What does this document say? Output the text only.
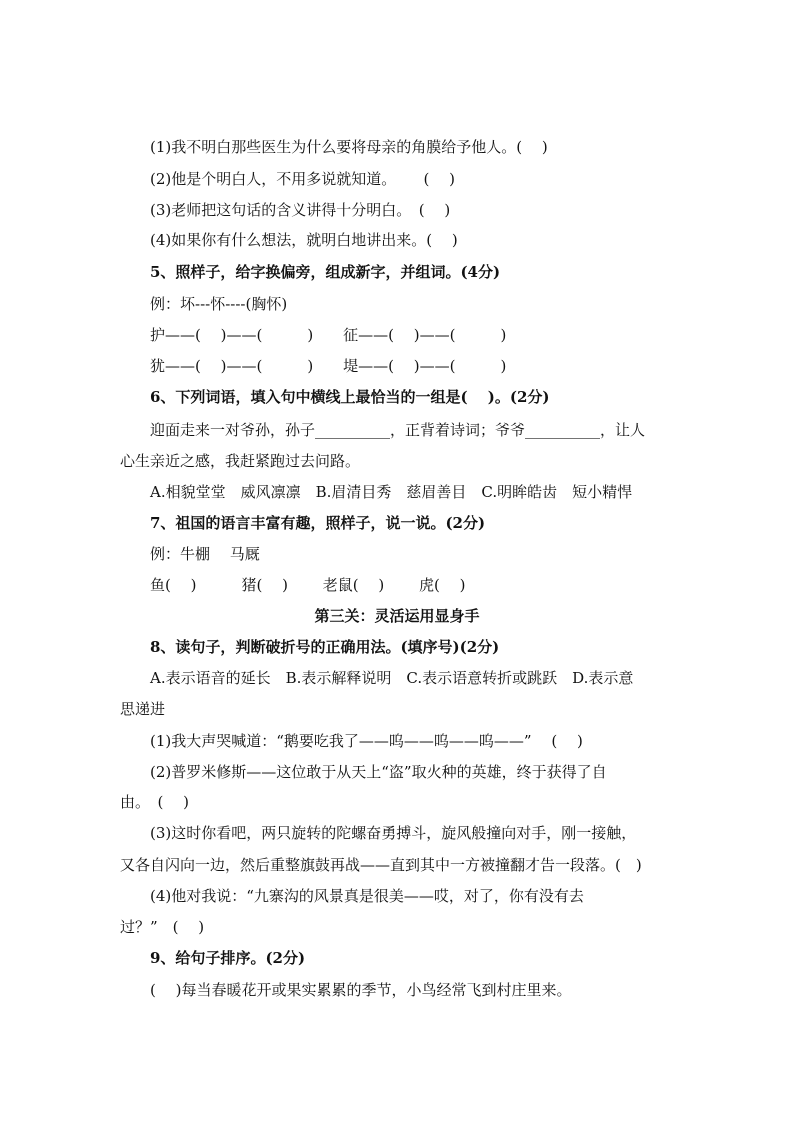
(1)我不明白那些医生为什么要将母亲的角膜给予他人。(　 )
(2)他是个明白人，不用多说就知道。　　 (　 )
(3)老师把这句话的含义讲得十分明白。　(　 )
(4)如果你有什么想法，就明白地讲出来。(　 )
5、照样子，给字换偏旁，组成新字，并组词。(4分)
例：坏---怀----(胸怀)
护——(　 )——(　　　)　　征——(　 )——(　　　)
犹——(　 )——(　　　)　　堤——(　 )——(　　　)
6、下列词语，填入句中横线上最恰当的一组是(　 )。(2分)
迎面走来一对爷孙，孙子__________，正背着诗词；爷爷__________，让人
心生亲近之感，我赶紧跑过去问路。
A.相貌堂堂　威风凛凛　B.眉清目秀　慈眉善目　C.明眸皓齿　短小精悍
7、祖国的语言丰富有趣，照样子，说一说。(2分)
例：牛棚　 马厩
鱼(　 )　　　猪(　 )　　 老鼠(　 )　　 虎(　 )
第三关：灵活运用显身手
8、读句子，判断破折号的正确用法。(填序号)(2分)
A.表示语音的延长　B.表示解释说明　C.表示语意转折或跳跃　D.表示意
思递进
(1)我大声哭喊道：“鹅要吃我了——呜——呜——呜——”　 (　 )
(2)普罗米修斯——这位敢于从天上“盗”取火种的英雄，终于获得了自
由。　(　 )
(3)这时你看吧，两只旋转的陀螺奋勇搏斗，旋风般撞向对手，刚一接触，
又各自闪向一边，然后重整旗鼓再战——直到其中一方被撞翻才告一段落。(　)
(4)他对我说：“九寨沟的风景真是很美——哎，对了，你有没有去
过？”　(　 )
9、给句子排序。(2分)
(　 )每当春暖花开或果实累累的季节，小鸟经常飞到村庄里来。
